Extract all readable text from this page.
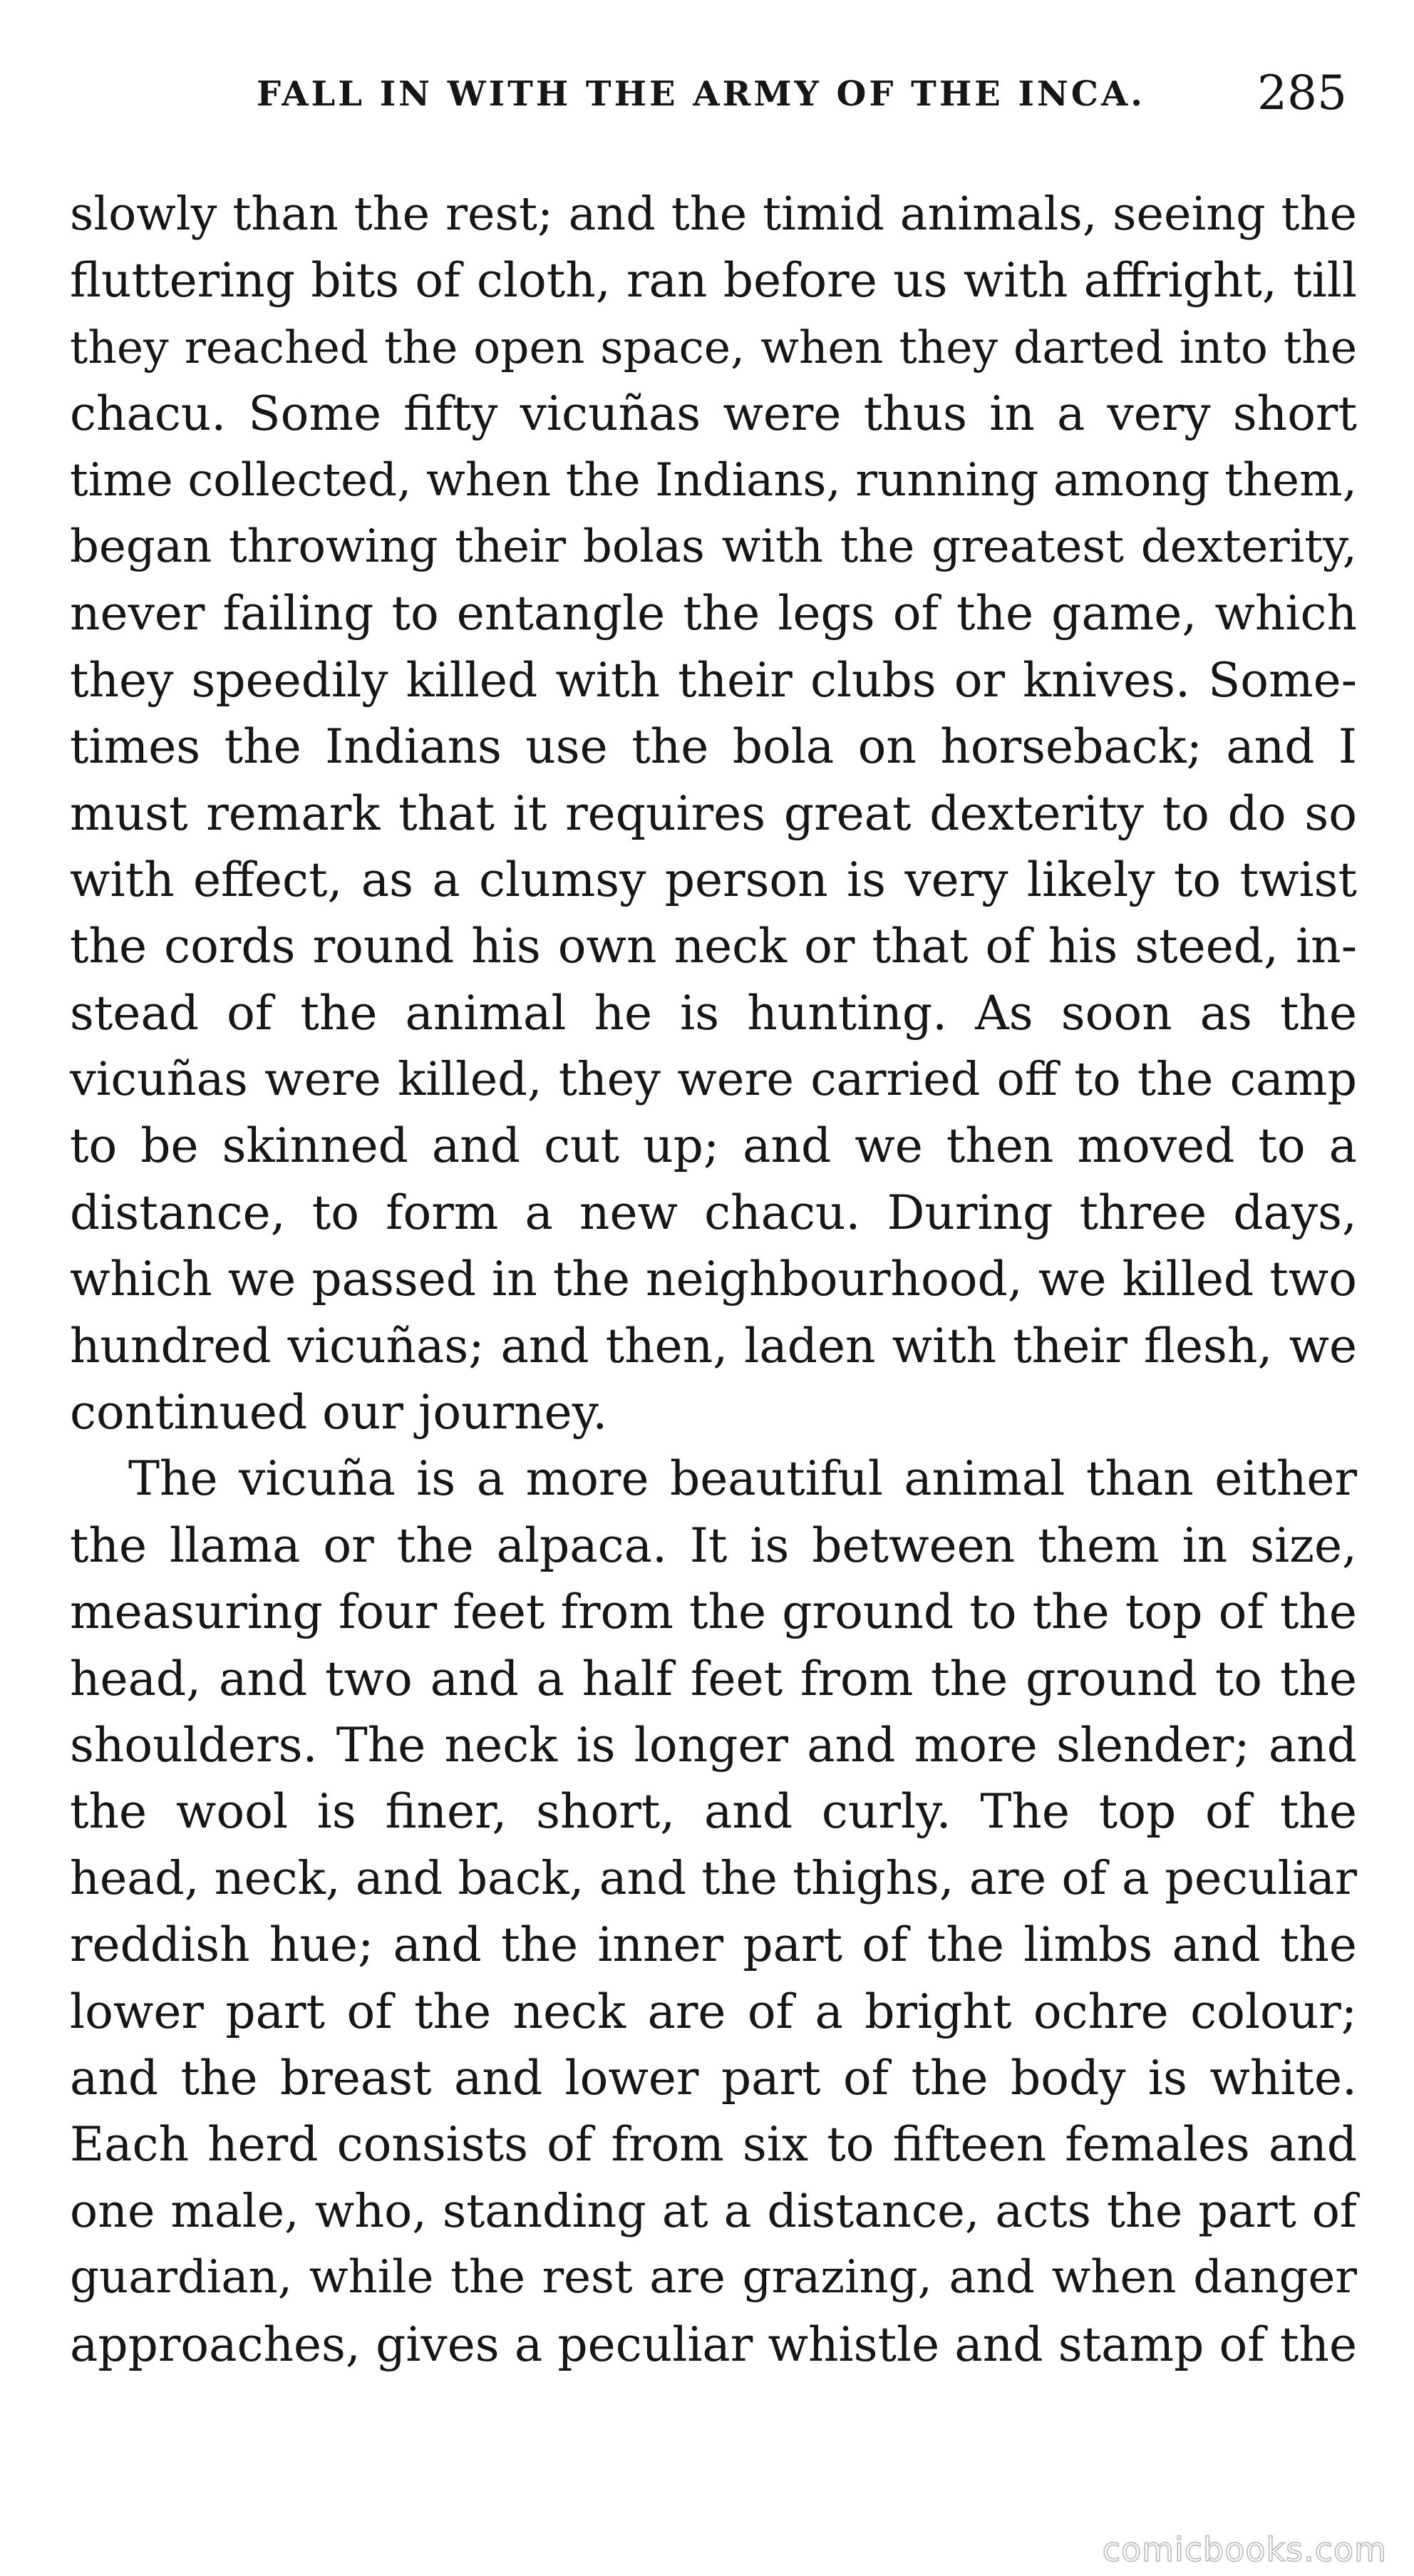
FALL IN WITH THE ARMY OF THE INCA. 285
slowly than the rest; and the timid animals, seeing the
fluttering bits of cloth, ran before us with affright, till
they reached the open space, when they darted into the
chacu. Some fifty vicuñas were thus in a very short
time collected, when the Indians, running among them,
began throwing their bolas with the greatest dexterity,
never failing to entangle the legs of the game, which
they speedily killed with their clubs or knives. Some-
times the Indians use the bola on horseback; and I
must remark that it requires great dexterity to do so
with effect, as a clumsy person is very likely to twist
the cords round his own neck or that of his steed, in-
stead of the animal he is hunting. As soon as the
vicuñas were killed, they were carried off to the camp
to be skinned and cut up; and we then moved to a
distance, to form a new chacu. During three days,
which we passed in the neighbourhood, we killed two
hundred vicuñas; and then, laden with their flesh, we
continued our journey.
The vicuña is a more beautiful animal than either
the llama or the alpaca. It is between them in size,
measuring four feet from the ground to the top of the
head, and two and a half feet from the ground to the
shoulders. The neck is longer and more slender; and
the wool is finer, short, and curly. The top of the
head, neck, and back, and the thighs, are of a peculiar
reddish hue; and the inner part of the limbs and the
lower part of the neck are of a bright ochre colour;
and the breast and lower part of the body is white.
Each herd consists of from six to fifteen females and
one male, who, standing at a distance, acts the part of
guardian, while the rest are grazing, and when danger
approaches, gives a peculiar whistle and stamp of the
comicbooks.com
